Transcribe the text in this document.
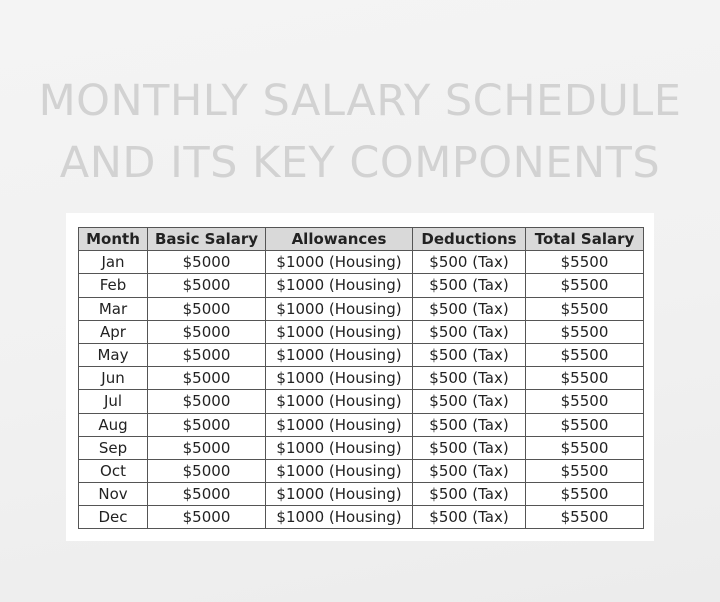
MONTHLY SALARY SCHEDULE
AND ITS KEY COMPONENTS
Month	Basic Salary	Allowances	Deductions	Total Salary
Jan	$5000	$1000 (Housing)	$500 (Tax)	$5500
Feb	$5000	$1000 (Housing)	$500 (Tax)	$5500
Mar	$5000	$1000 (Housing)	$500 (Tax)	$5500
Apr	$5000	$1000 (Housing)	$500 (Tax)	$5500
May	$5000	$1000 (Housing)	$500 (Tax)	$5500
Jun	$5000	$1000 (Housing)	$500 (Tax)	$5500
Jul	$5000	$1000 (Housing)	$500 (Tax)	$5500
Aug	$5000	$1000 (Housing)	$500 (Tax)	$5500
Sep	$5000	$1000 (Housing)	$500 (Tax)	$5500
Oct	$5000	$1000 (Housing)	$500 (Tax)	$5500
Nov	$5000	$1000 (Housing)	$500 (Tax)	$5500
Dec	$5000	$1000 (Housing)	$500 (Tax)	$5500
